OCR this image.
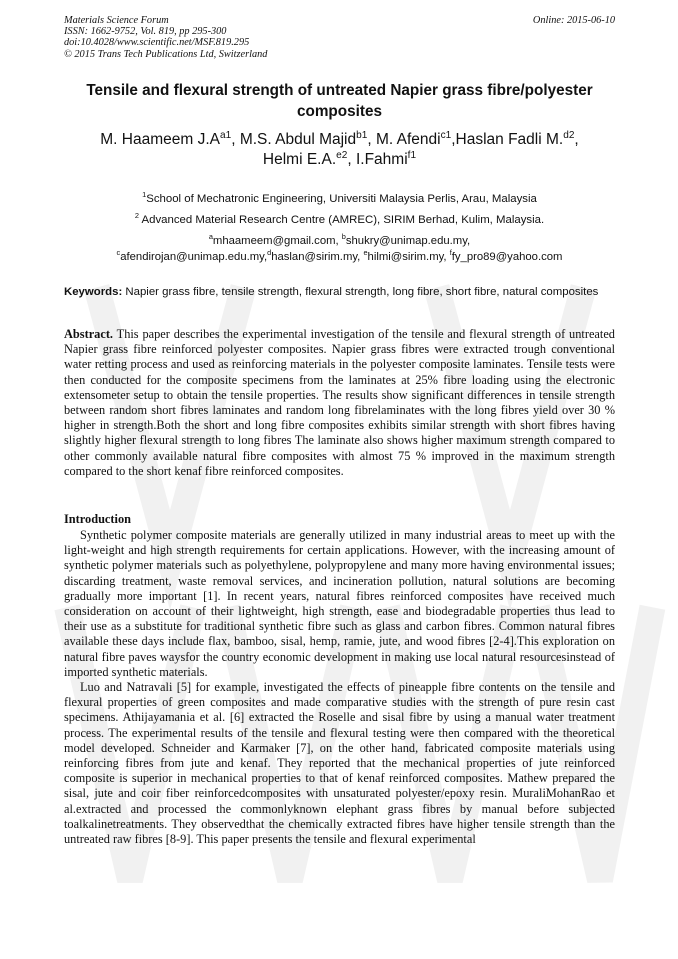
Materials Science Forum
ISSN: 1662-9752, Vol. 819, pp 295-300
doi:10.4028/www.scientific.net/MSF.819.295
© 2015 Trans Tech Publications Ltd, Switzerland
Online: 2015-06-10
Tensile and flexural strength of untreated Napier grass fibre/polyester composites
M. Haameem $J.A^{a1}$, M.S. Abdul Majid$^{b1}$, M. Afendi$^{c1}$,Haslan Fadli M.$^{d2}$,
Helmi E.A.$^{e2}$, I.Fahmi$^{f1}$
$^1$School of Mechatronic Engineering, Universiti Malaysia Perlis, Arau, Malaysia
$^2$ Advanced Material Research Centre (AMREC), SIRIM Berhad, Kulim, Malaysia.
$^a$mhaameem@gmail.com, $^b$shukry@unimap.edu.my,
$^c$afendirojan@unimap.edu.my,$^d$haslan@sirim.my, $^e$hilmi@sirim.my, $^f$fy_pro89@yahoo.com
Keywords: Napier grass fibre, tensile strength, flexural strength, long fibre, short fibre, natural composites
Abstract. This paper describes the experimental investigation of the tensile and flexural strength of untreated Napier grass fibre reinforced polyester composites. Napier grass fibres were extracted trough conventional water retting process and used as reinforcing materials in the polyester composite laminates. Tensile tests were then conducted for the composite specimens from the laminates at 25% fibre loading using the electronic extensometer setup to obtain the tensile properties. The results show significant differences in tensile strength between random short fibres laminates and random long fibrelaminates with the long fibres yield over 30 % higher in strength.Both the short and long fibre composites exhibits similar strength with short fibres having slightly higher flexural strength to long fibres The laminate also shows higher maximum strength compared to other commonly available natural fibre composites with almost 75 % improved in the maximum strength compared to the short kenaf fibre reinforced composites.
Introduction

Synthetic polymer composite materials are generally utilized in many industrial areas to meet up with the light-weight and high strength requirements for certain applications. However, with the increasing amount of synthetic polymer materials such as polyethylene, polypropylene and many more having environmental issues; discarding treatment, waste removal services, and incineration pollution, natural solutions are becoming gradually more important [1]. In recent years, natural fibres reinforced composites have received much consideration on account of their lightweight, high strength, ease and biodegradable properties thus lead to their use as a substitute for traditional synthetic fibre such as glass and carbon fibres. Common natural fibres available these days include flax, bamboo, sisal, hemp, ramie, jute, and wood fibres [2-4].This exploration on natural fibre paves waysfor the country economic development in making use local natural resourcesinstead of imported synthetic materials.

Luo and Natravali [5] for example, investigated the effects of pineapple fibre contents on the tensile and flexural properties of green composites and made comparative studies with the strength of pure resin cast specimens. Athijayamania et al. [6] extracted the Roselle and sisal fibre by using a manual water treatment process. The experimental results of the tensile and flexural testing were then compared with the theoretical model developed. Schneider and Karmaker [7], on the other hand, fabricated composite materials using reinforcing fibres from jute and kenaf. They reported that the mechanical properties of jute reinforced composite is superior in mechanical properties to that of kenaf reinforced composites. Mathew prepared the sisal, jute and coir fiber reinforcedcomposites with unsaturated polyester/epoxy resin. MuraliMohanRao et al.extracted and processed the commonlyknown elephant grass fibres by manual before subjected toalkalinetreatments. They observedthat the chemically extracted fibres have higher tensile strength than the untreated raw fibres [8-9]. This paper presents the tensile and flexural experimental
